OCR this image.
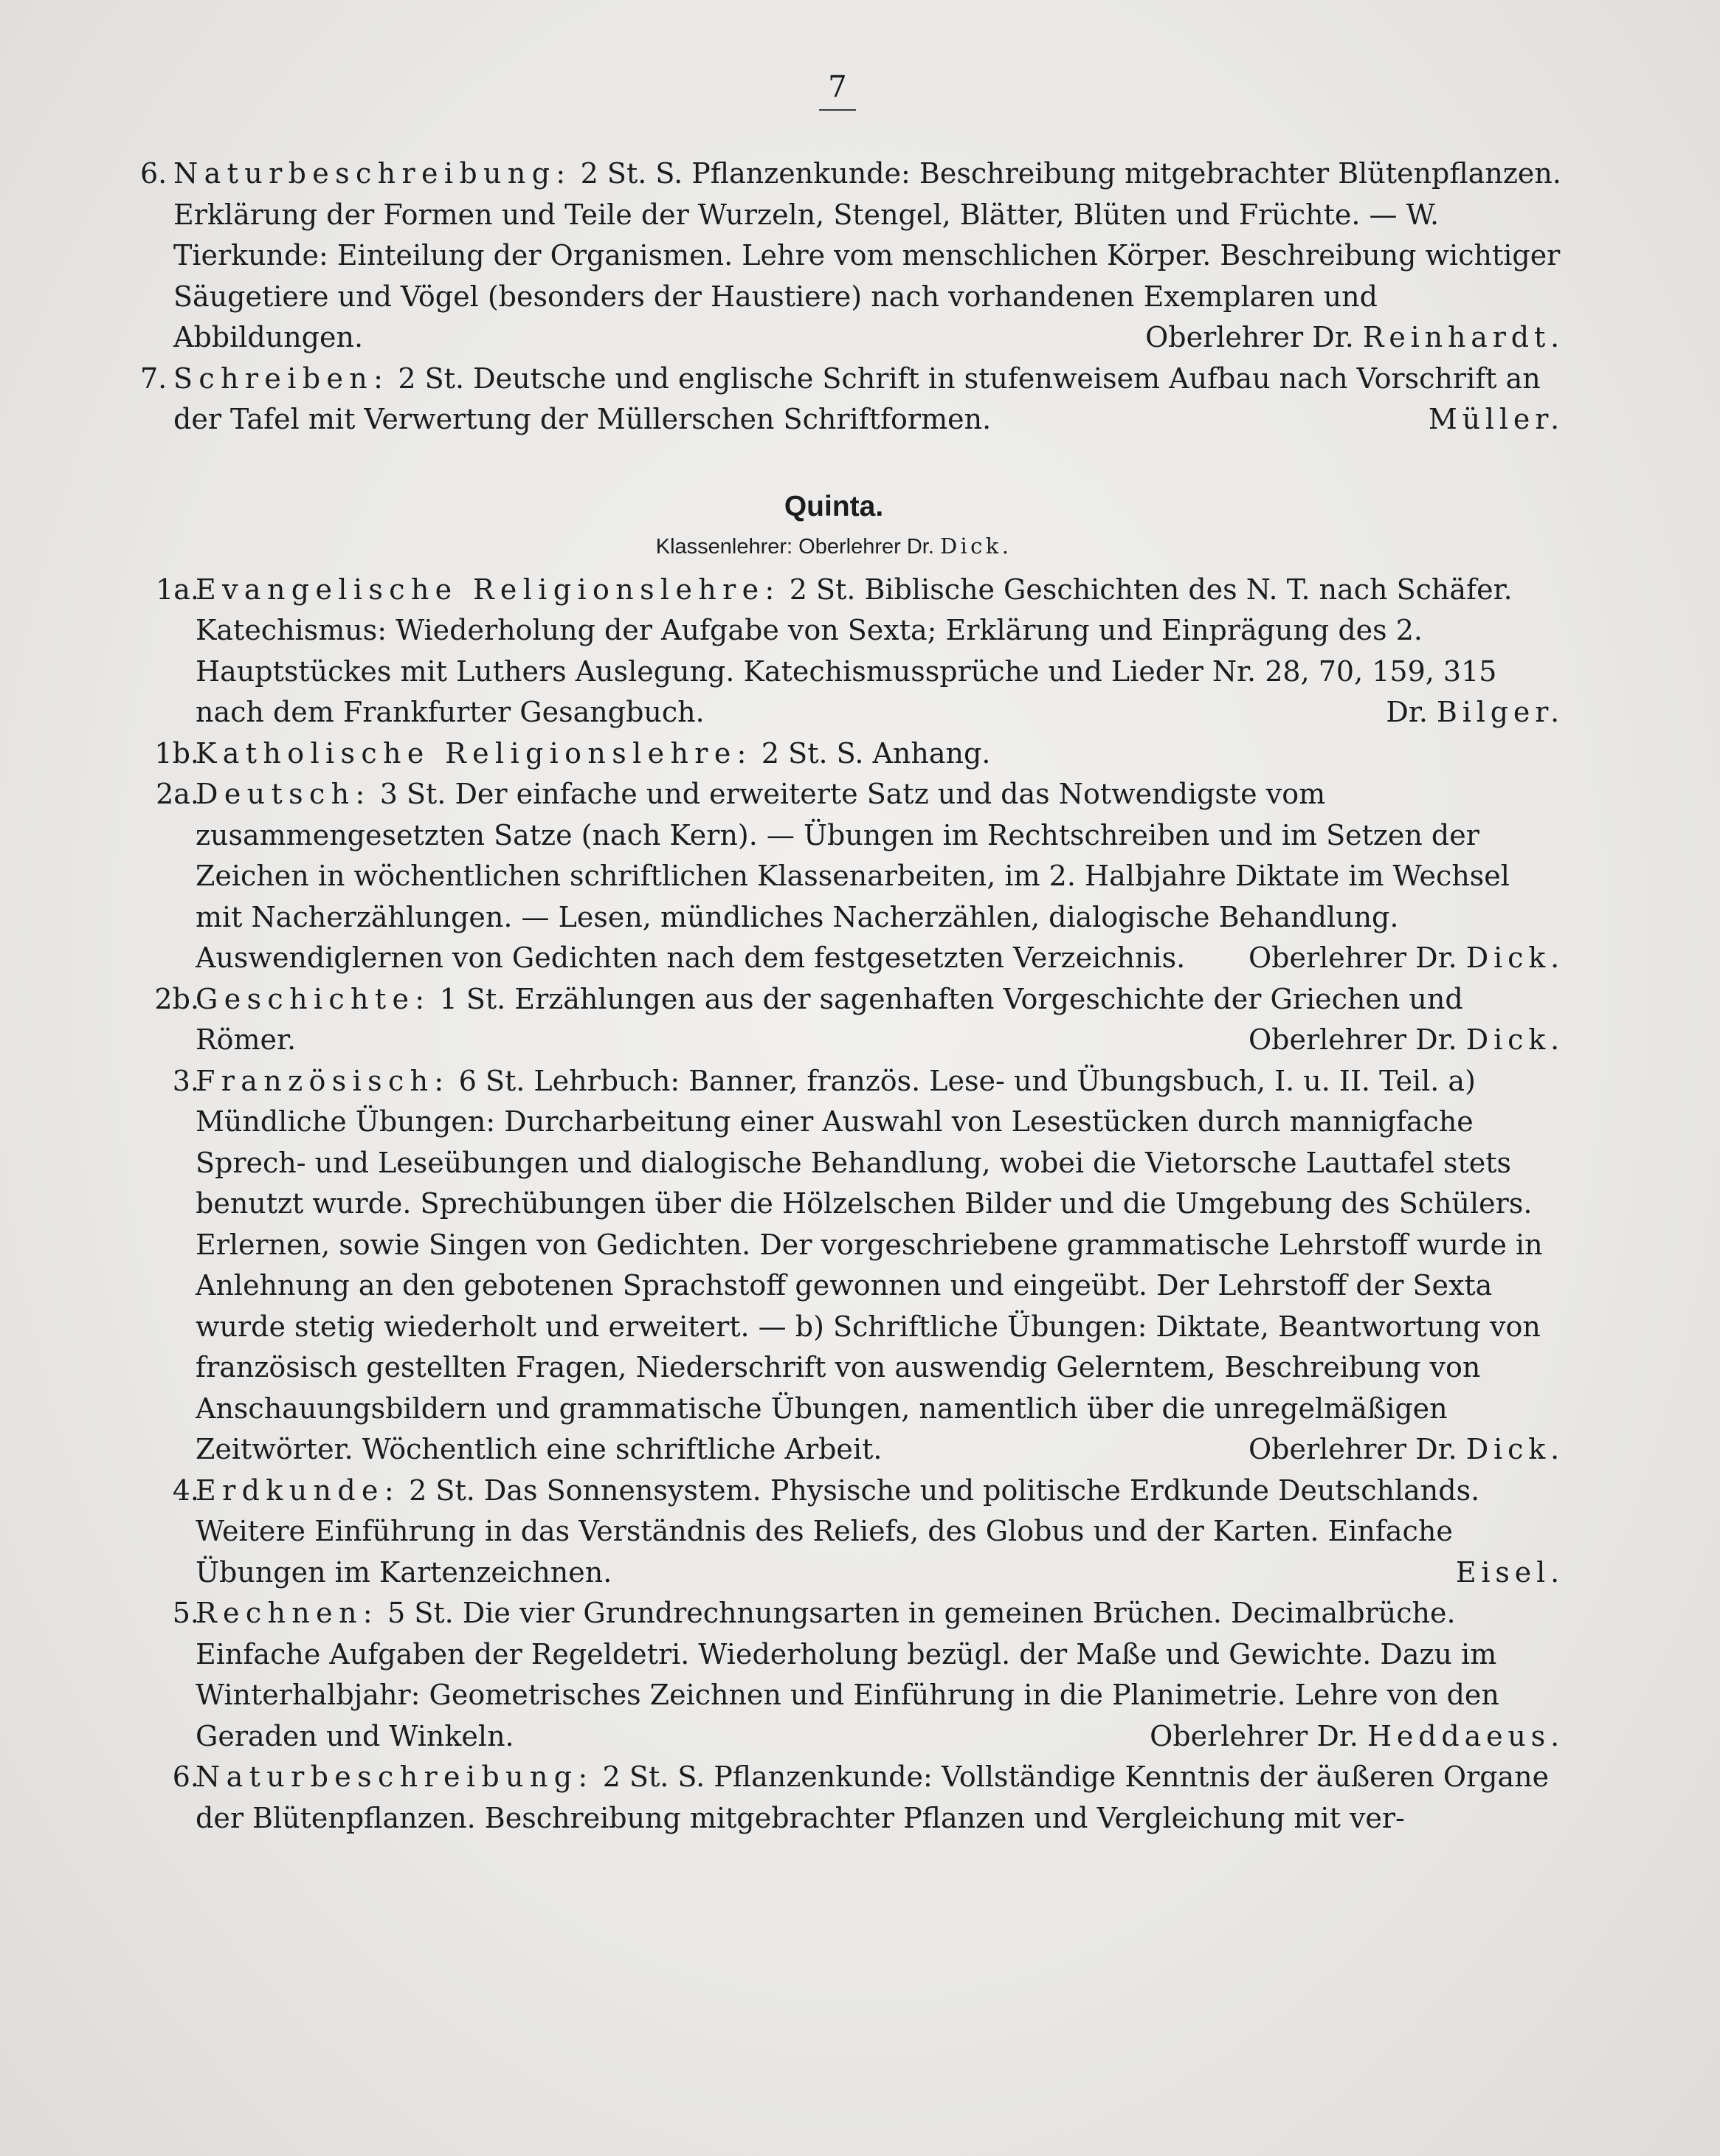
7
6. Naturbeschreibung: 2 St. S. Pflanzenkunde: Beschreibung mitgebrachter Blütenpflanzen. Erklärung der Formen und Teile der Wurzeln, Stengel, Blätter, Blüten und Früchte. — W. Tierkunde: Einteilung der Organismen. Lehre vom menschlichen Körper. Beschreibung wichtiger Säugetiere und Vögel (besonders der Haustiere) nach vorhandenen Exemplaren und Abbildungen.	Oberlehrer Dr. Reinhardt.

7. Schreiben: 2 St. Deutsche und englische Schrift in stufenweisem Aufbau nach Vorschrift an der Tafel mit Verwertung der Müllerschen Schriftformen.	Müller.

Quinta.
Klassenlehrer: Oberlehrer Dr. Dick.
1a.

Evangelische Religionslehre: 2 St. Biblische Geschichten des N. T. nach Schäfer. Katechismus: Wiederholung der Aufgabe von Sexta; Erklärung und Einprägung des 2. Hauptstückes mit Luthers Auslegung. Katechismussprüche und Lieder Nr. 28, 70, 159, 315 nach dem Frankfurter Gesangbuch.	Dr. Bilger.

1b.

Katholische Religionslehre: 2 St. S. Anhang.

2a.

Deutsch: 3 St. Der einfache und erweiterte Satz und das Notwendigste vom zusammengesetzten Satze (nach Kern). — Übungen im Rechtschreiben und im Setzen der Zeichen in wöchentlichen schriftlichen Klassenarbeiten, im 2. Halbjahre Diktate im Wechsel mit Nacherzählungen. — Lesen, mündliches Nacherzählen, dialogische Behandlung. Auswendiglernen von Gedichten nach dem festgesetzten Verzeichnis. Oberlehrer Dr. Dick.

2b.

Geschichte: 1 St. Erzählungen aus der sagenhaften Vorgeschichte der Griechen und Römer.	Oberlehrer Dr. Dick.

3.

Französisch: 6 St. Lehrbuch: Banner, französ. Lese- und Übungsbuch, I. u. II. Teil. a) Mündliche Übungen: Durcharbeitung einer Auswahl von Lesestücken durch mannigfache Sprech- und Leseübungen und dialogische Behandlung, wobei die Vietorsche Lauttafel stets benutzt wurde. Sprechübungen über die Hölzelschen Bilder und die Umgebung des Schülers. Erlernen, sowie Singen von Gedichten. Der vorgeschriebene grammatische Lehrstoff wurde in Anlehnung an den gebotenen Sprachstoff gewonnen und eingeübt. Der Lehrstoff der Sexta wurde stetig wiederholt und erweitert. — b) Schriftliche Übungen: Diktate, Beantwortung von französisch gestellten Fragen, Niederschrift von auswendig Gelerntem, Beschreibung von Anschauungsbildern und grammatische Übungen, namentlich über die unregelmäßigen Zeitwörter. Wöchentlich eine schriftliche Arbeit.	Oberlehrer Dr. Dick.

4.

Erdkunde: 2 St. Das Sonnensystem. Physische und politische Erdkunde Deutschlands. Weitere Einführung in das Verständnis des Reliefs, des Globus und der Karten. Einfache Übungen im Kartenzeichnen.	Eisel.

5.

Rechnen: 5 St. Die vier Grundrechnungsarten in gemeinen Brüchen. Decimalbrüche. Einfache Aufgaben der Regeldetri. Wiederholung bezügl. der Maße und Gewichte. Dazu im Winterhalbjahr: Geometrisches Zeichnen und Einführung in die Planimetrie. Lehre von den Geraden und Winkeln.	Oberlehrer Dr. Heddaeus.

6.

Naturbeschreibung: 2 St. S. Pflanzenkunde: Vollständige Kenntnis der äußeren Organe der Blütenpflanzen. Beschreibung mitgebrachter Pflanzen und Vergleichung mit ver-
